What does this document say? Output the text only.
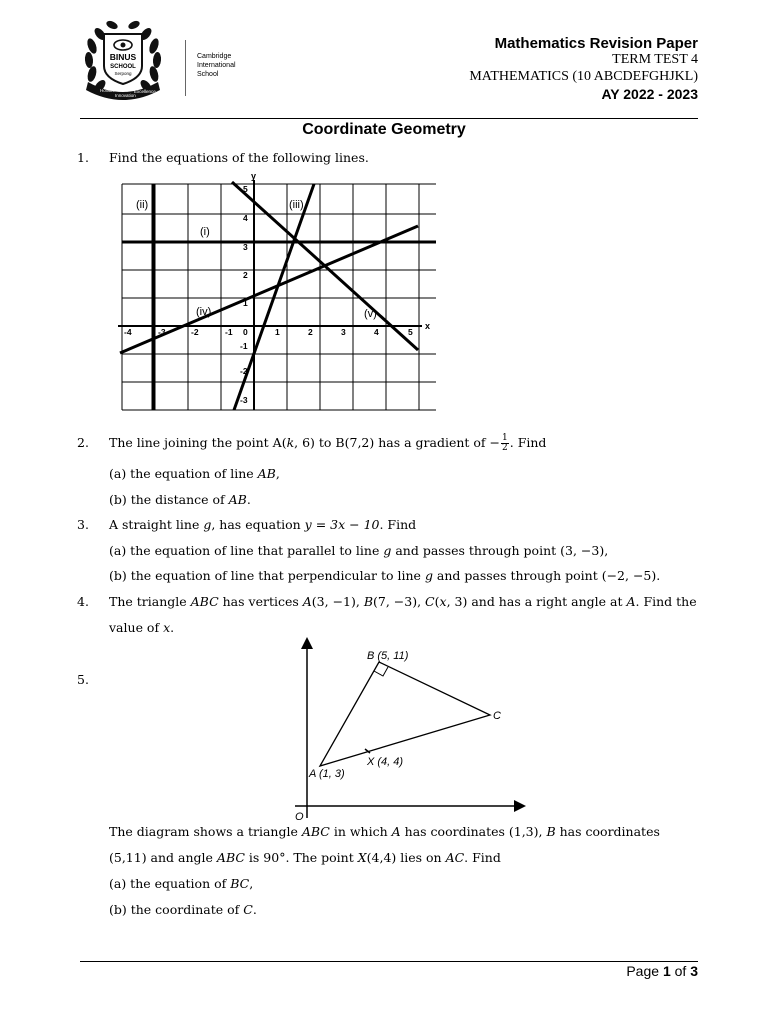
BINUS
SCHOOL
Serpong
Holistic
Innovation
Excellence
Cambridge
International
School
Mathematics Revision Paper
TERM TEST 4
MATHEMATICS (10 ABCDEFGHJKL)
AY 2022 - 2023
Coordinate Geometry
1. Find the equations of the following lines.
y
x
-4	-3	-2	-1 0	1	2	3	4	5
5
4
3
2
1
-1
-2
-3
(i)
(ii)	(iii)
(iv)	(v)
2. The line joining the point A(k, 6) to B(7,2) has a gradient of − $\frac{1}{2}$ . Find
(a) the equation of line AB,
(b) the distance of AB.
3. A straight line g, has equation y = 3x − 10. Find
(a) the equation of line that parallel to line g and passes through point (3, −3),
(b) the equation of line that perpendicular to line g and passes through point (−2, −5).
4. The triangle ABC has vertices A(3, −1), B(7, −3), C(x, 3) and has a right angle at A. Find the
value of x.
5.
O
B (5, 11)
C
X (4, 4)
A (1, 3)
The diagram shows a triangle ABC in which A has coordinates (1,3), B has coordinates
(5,11) and angle ABC is 90°. The point X(4,4) lies on AC. Find
(a) the equation of BC,
(b) the coordinate of C.
Page 1 of 3
